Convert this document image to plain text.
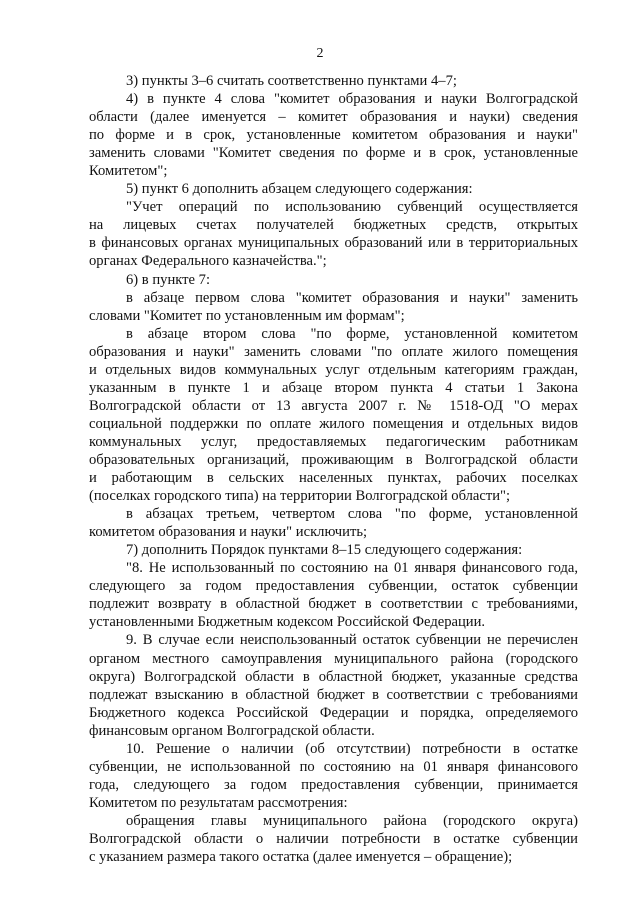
2
3) пункты 3–6 считать соответственно пунктами 4–7;
4) в пункте 4 слова "комитет образования и науки Волгоградской
области (далее именуется – комитет образования и науки) сведения
по форме и в срок, установленные комитетом образования и науки"
заменить словами "Комитет сведения по форме и в срок, установленные
Комитетом";
5) пункт 6 дополнить абзацем следующего содержания:
"Учет операций по использованию субвенций осуществляется
на лицевых счетах получателей бюджетных средств, открытых
в финансовых органах муниципальных образований или в территориальных
органах Федерального казначейства.";
6) в пункте 7:
в абзаце первом слова "комитет образования и науки" заменить
словами "Комитет по установленным им формам";
в абзаце втором слова "по форме, установленной комитетом
образования и науки" заменить словами "по оплате жилого помещения
и отдельных видов коммунальных услуг отдельным категориям граждан,
указанным в пункте 1 и абзаце втором пункта 4 статьи 1 Закона
Волгоградской области от 13 августа 2007 г. № 1518-ОД "О мерах
социальной поддержки по оплате жилого помещения и отдельных видов
коммунальных услуг, предоставляемых педагогическим работникам
образовательных организаций, проживающим в Волгоградской области
и работающим в сельских населенных пунктах, рабочих поселках
(поселках городского типа) на территории Волгоградской области";
в абзацах третьем, четвертом слова "по форме, установленной
комитетом образования и науки" исключить;
7) дополнить Порядок пунктами 8–15 следующего содержания:
"8. Не использованный по состоянию на 01 января финансового года,
следующего за годом предоставления субвенции, остаток субвенции
подлежит возврату в областной бюджет в соответствии с требованиями,
установленными Бюджетным кодексом Российской Федерации.
9. В случае если неиспользованный остаток субвенции не перечислен
органом местного самоуправления муниципального района (городского
округа) Волгоградской области в областной бюджет, указанные средства
подлежат взысканию в областной бюджет в соответствии с требованиями
Бюджетного кодекса Российской Федерации и порядка, определяемого
финансовым органом Волгоградской области.
10. Решение о наличии (об отсутствии) потребности в остатке
субвенции, не использованной по состоянию на 01 января финансового
года, следующего за годом предоставления субвенции, принимается
Комитетом по результатам рассмотрения:
обращения главы муниципального района (городского округа)
Волгоградской области о наличии потребности в остатке субвенции
с указанием размера такого остатка (далее именуется – обращение);
